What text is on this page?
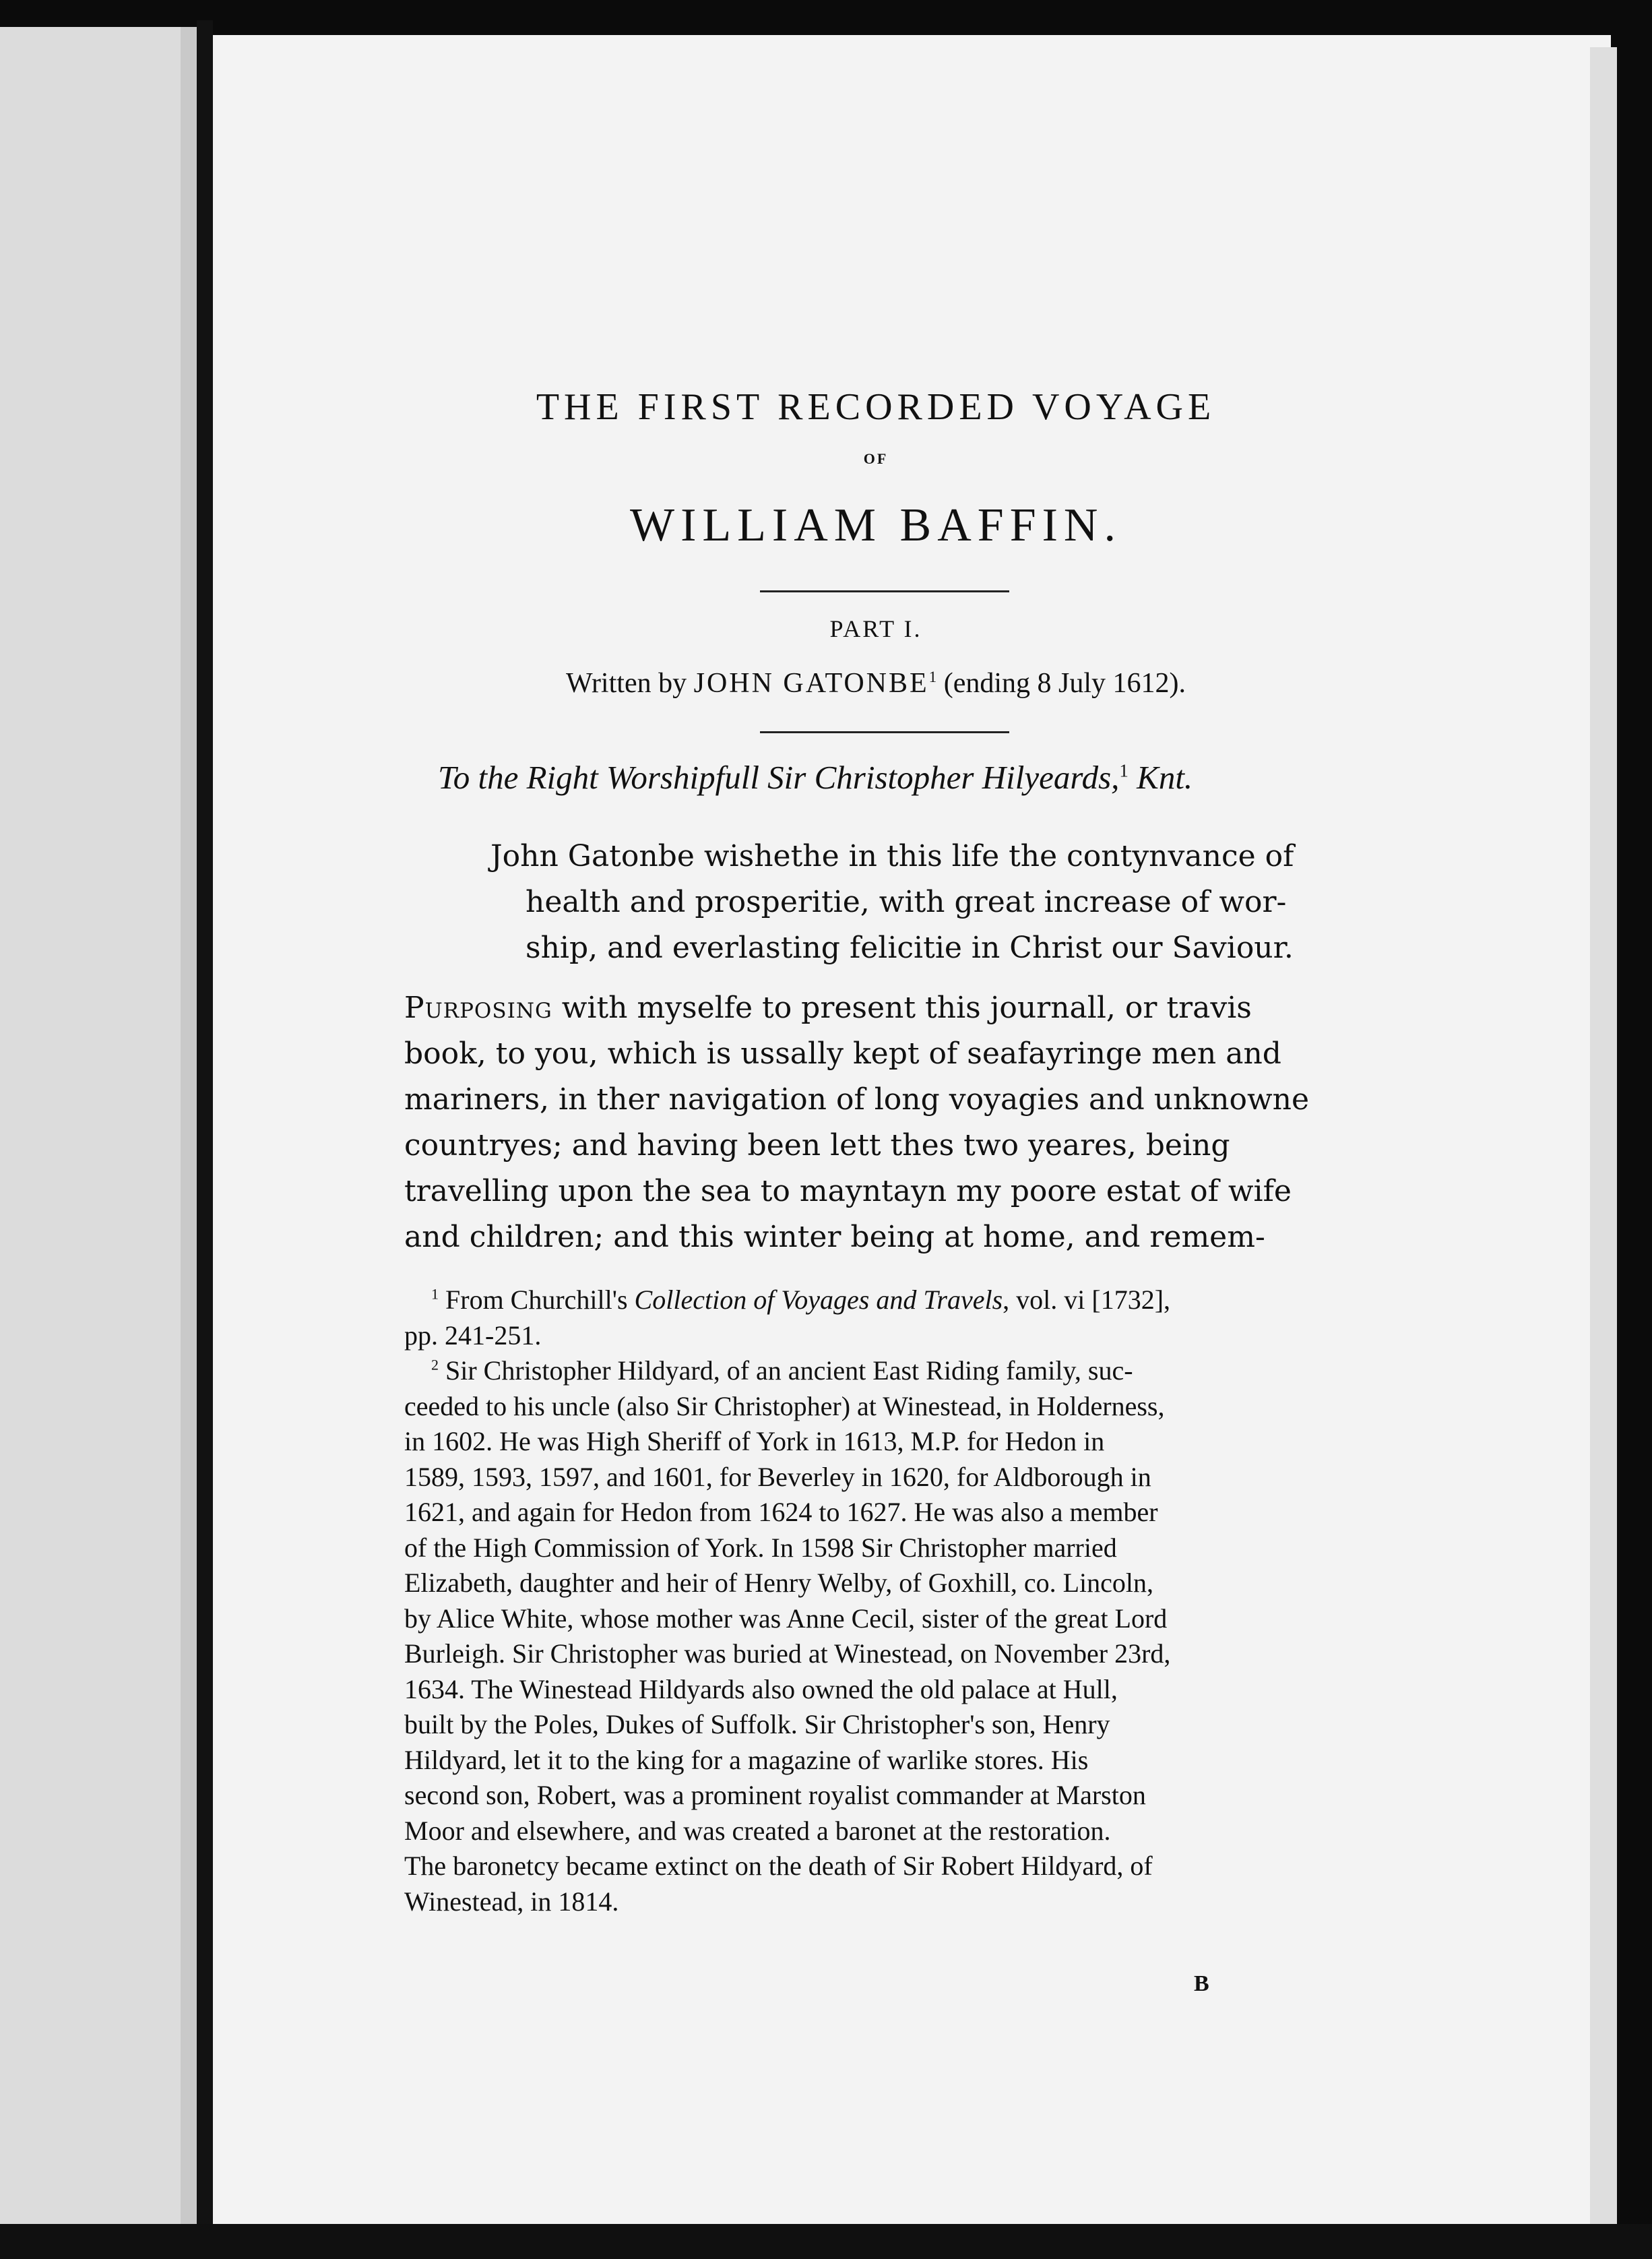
THE FIRST RECORDED VOYAGE
OF
WILLIAM BAFFIN.
PART I.
Written by JOHN GATONBE$^1$ (ending 8 July 1612).
To the Right Worshipfull Sir Christopher Hilyeards,$^1$ Knt.
John Gatonbe wishethe in this life the contynvance of
health and prosperitie, with great increase of wor-
ship, and everlasting felicitie in Christ our Saviour.
Purposing with myselfe to present this journall, or travis
book, to you, which is ussally kept of seafayringe men and
mariners, in ther navigation of long voyagies and unknowne
countryes; and having been lett thes two yeares, being
travelling upon the sea to mayntayn my poore estat of wife
and children; and this winter being at home, and remem-
$^1$ From Churchill's Collection of Voyages and Travels, vol. vi [1732],
pp. 241-251.
$^2$ Sir Christopher Hildyard, of an ancient East Riding family, suc-
ceeded to his uncle (also Sir Christopher) at Winestead, in Holderness,
in 1602. He was High Sheriff of York in 1613, M.P. for Hedon in
1589, 1593, 1597, and 1601, for Beverley in 1620, for Aldborough in
1621, and again for Hedon from 1624 to 1627. He was also a member
of the High Commission of York. In 1598 Sir Christopher married
Elizabeth, daughter and heir of Henry Welby, of Goxhill, co. Lincoln,
by Alice White, whose mother was Anne Cecil, sister of the great Lord
Burleigh. Sir Christopher was buried at Winestead, on November 23rd,
1634. The Winestead Hildyards also owned the old palace at Hull,
built by the Poles, Dukes of Suffolk. Sir Christopher's son, Henry
Hildyard, let it to the king for a magazine of warlike stores. His
second son, Robert, was a prominent royalist commander at Marston
Moor and elsewhere, and was created a baronet at the restoration.
The baronetcy became extinct on the death of Sir Robert Hildyard, of
Winestead, in 1814.
B
